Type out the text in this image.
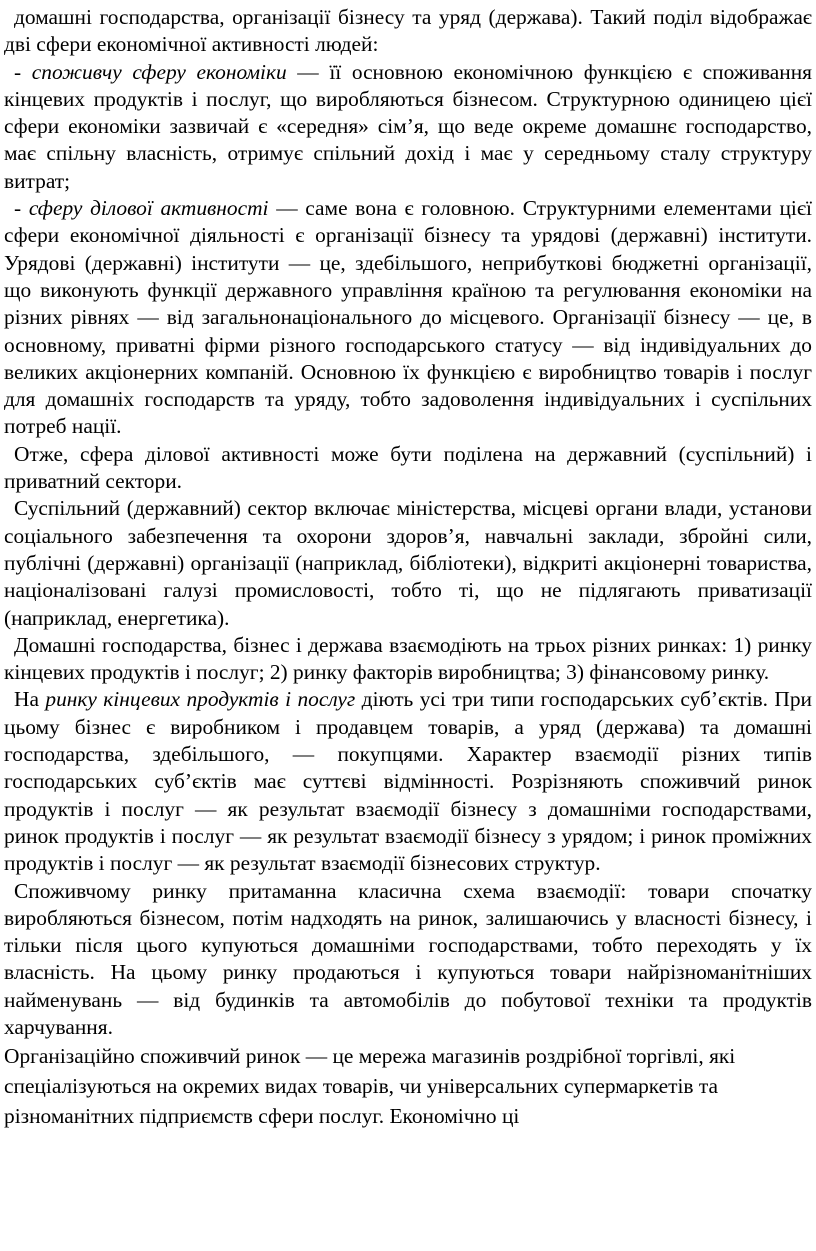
домашні господарства, організації бізнесу та уряд (держава). Такий поділ відображає дві сфери економічної активності людей:

- споживчу сферу економіки — її основною економічною функцією є споживання кінцевих продуктів і послуг, що виробляються бізнесом. Структурною одиницею цієї сфери економіки зазвичай є «середня» сім’я, що веде окреме домашнє господарство, має спільну власність, отримує спільний дохід і має у середньому сталу структуру витрат;

- сферу ділової активності — саме вона є головною. Структурними елементами цієї сфери економічної діяльності є організації бізнесу та урядові (державні) інститути. Урядові (державні) інститути — це, здебільшого, неприбуткові бюджетні організації, що виконують функції державного управління країною та регулювання економіки на різних рівнях — від загальнонаціонального до місцевого. Організації бізнесу — це, в основному, приватні фірми різного господарського статусу — від індивідуальних до великих акціонерних компаній. Основною їх функцією є виробництво товарів і послуг для домашніх господарств та уряду, тобто задоволення індивідуальних і суспільних потреб нації.

Отже, сфера ділової активності може бути поділена на державний (суспільний) і приватний сектори.

Суспільний (державний) сектор включає міністерства, місцеві органи влади, установи соціального забезпечення та охорони здоров’я, навчальні заклади, збройні сили, публічні (державні) організації (наприклад, бібліотеки), відкриті акціонерні товариства, націоналізовані галузі промисловості, тобто ті, що не підлягають приватизації (наприклад, енергетика).

Домашні господарства, бізнес і держава взаємодіють на трьох різних ринках: 1) ринку кінцевих продуктів і послуг; 2) ринку факторів виробництва; 3) фінансовому ринку.

На ринку кінцевих продуктів і послуг діють усі три типи господарських суб’єктів. При цьому бізнес є виробником і продавцем товарів, а уряд (держава) та домашні господарства, здебільшого, — покупцями. Характер взаємодії різних типів господарських суб’єктів має суттєві відмінності. Розрізняють споживчий ринок продуктів і послуг — як результат взаємодії бізнесу з домашніми господарствами, ринок продуктів і послуг — як результат взаємодії бізнесу з урядом; і ринок проміжних продуктів і послуг — як результат взаємодії бізнесових структур.

Споживчому ринку притаманна класична схема взаємодії: товари спочатку виробляються бізнесом, потім надходять на ринок, залишаючись у власності бізнесу, і тільки після цього купуються домашніми господарствами, тобто переходять у їх власність. На цьому ринку продаються і купуються товари найрізноманітніших найменувань — від будинків та автомобілів до побутової техніки та продуктів харчування.

Організаційно споживчий ринок — це мережа магазинів роздрібної торгівлі, які спеціалізуються на окремих видах товарів, чи універсальних супермаркетів та різноманітних підприємств сфери послуг. Економічно ці
